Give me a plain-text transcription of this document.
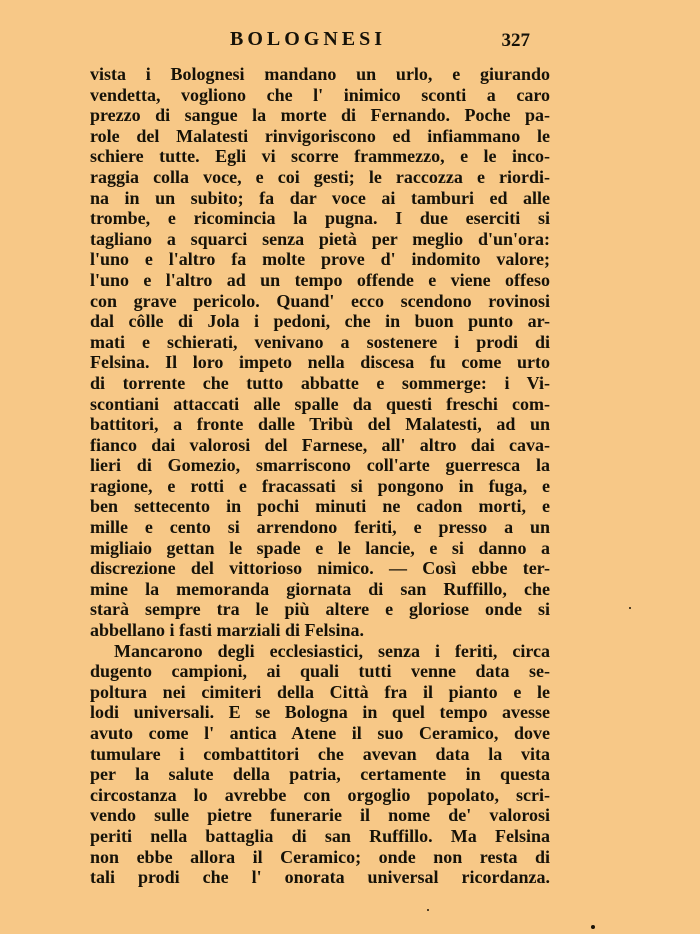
BOLOGNESI	327
vista i Bolognesi mandano un urlo, e giurando
vendetta, vogliono che l' inimico sconti a caro
prezzo di sangue la morte di Fernando. Poche pa-
role del Malatesti rinvigoriscono ed infiammano le
schiere tutte. Egli vi scorre frammezzo, e le inco-
raggia colla voce, e coi gesti; le raccozza e riordi-
na in un subito; fa dar voce ai tamburi ed alle
trombe, e ricomincia la pugna. I due eserciti si
tagliano a squarci senza pietà per meglio d'un'ora:
l'uno e l'altro fa molte prove d' indomito valore;
l'uno e l'altro ad un tempo offende e viene offeso
con grave pericolo. Quand' ecco scendono rovinosi
dal côlle di Jola i pedoni, che in buon punto ar-
mati e schierati, venivano a sostenere i prodi di
Felsina. Il loro impeto nella discesa fu come urto
di torrente che tutto abbatte e sommerge: i Vi-
scontiani attaccati alle spalle da questi freschi com-
battitori, a fronte dalle Tribù del Malatesti, ad un
fianco dai valorosi del Farnese, all' altro dai cava-
lieri di Gomezio, smarriscono coll'arte guerresca la
ragione, e rotti e fracassati si pongono in fuga, e
ben settecento in pochi minuti ne cadon morti, e
mille e cento si arrendono feriti, e presso a un
migliaio gettan le spade e le lancie, e si danno a
discrezione del vittorioso nimico. — Così ebbe ter-
mine la memoranda giornata di san Ruffillo, che
starà sempre tra le più altere e gloriose onde si
abbellano i fasti marziali di Felsina.
Mancarono degli ecclesiastici, senza i feriti, circa
dugento campioni, ai quali tutti venne data se-
poltura nei cimiteri della Città fra il pianto e le
lodi universali. E se Bologna in quel tempo avesse
avuto come l' antica Atene il suo Ceramico, dove
tumulare i combattitori che avevan data la vita
per la salute della patria, certamente in questa
circostanza lo avrebbe con orgoglio popolato, scri-
vendo sulle pietre funerarie il nome de' valorosi
periti nella battaglia di san Ruffillo. Ma Felsina
non ebbe allora il Ceramico; onde non resta di
tali prodi che l' onorata universal ricordanza.
